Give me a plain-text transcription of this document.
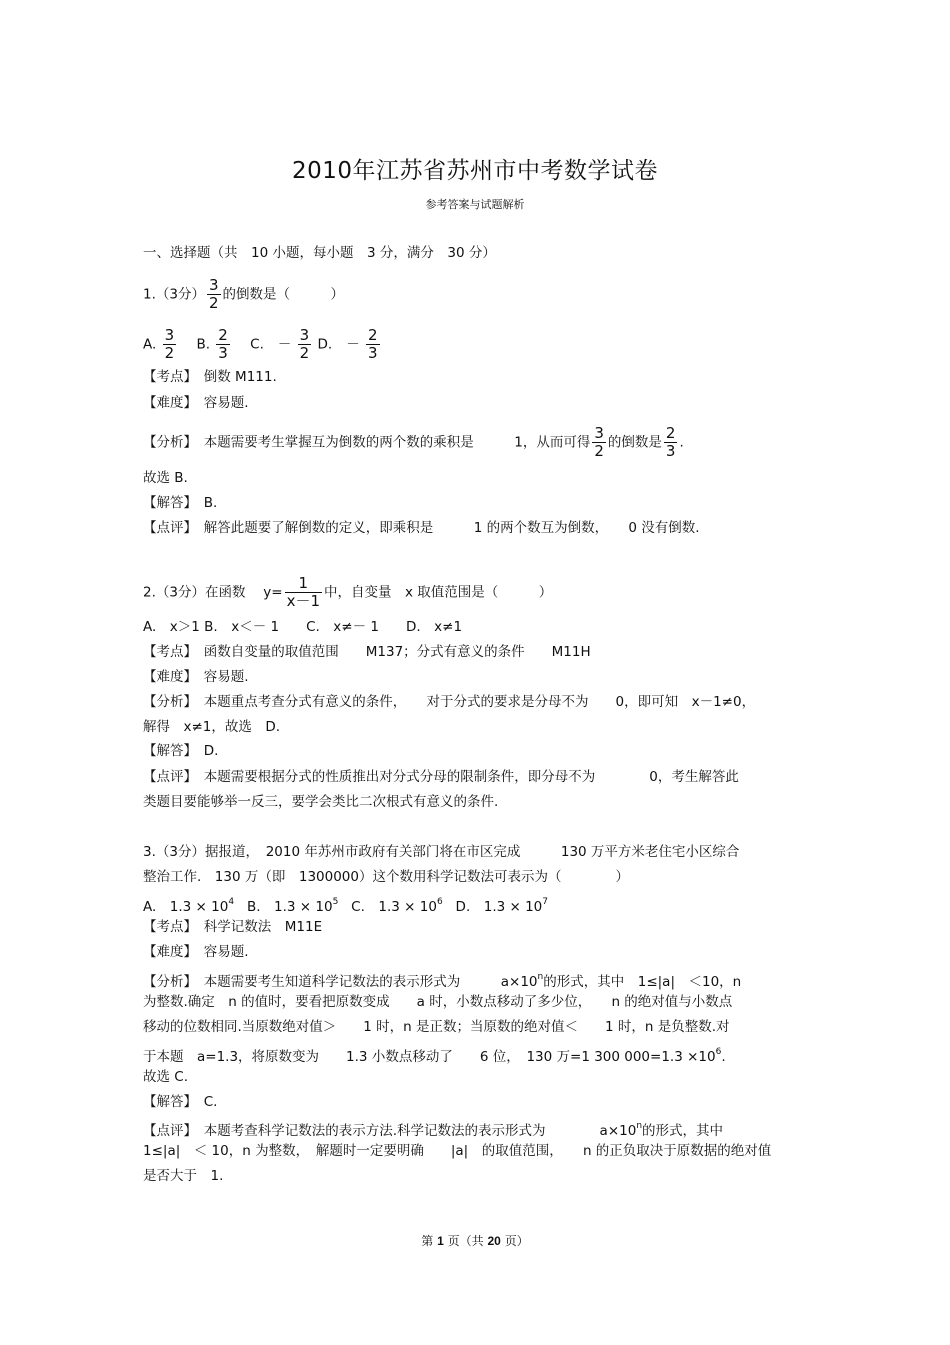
2010年江苏省苏州市中考数学试卷
参考答案与试题解析
一、选择题（共　10 小题，每小题　3 分，满分　30 分）
1.（3分） $\frac{3}{2}$ 的倒数是（　　　）
A. $\frac{3}{2} B$. $\frac{2}{3} C$. － $\frac{3}{2} D$. － $\frac{2}{3}$
【考点】　倒数 M111.
【难度】　容易题.
【分析】　本题需要考生掌握互为倒数的两个数的乘积是　　　1，从而可得 $\frac{3}{2}$ 的倒数是 $\frac{2}{3}$ .
故选 B.
【解答】　B.
【点评】　解答此题要了解倒数的定义，即乘积是　　　1 的两个数互为倒数，　　0 没有倒数.
2.（3分）在函数　 $y= \frac{1}{x-1}$ 中，自变量　x 取值范围是（　　　）
A.　x＞1 B.　x＜－ 1　　C.　x≠－ 1　　D.　x≠1
【考点】　函数自变量的取值范围　　M137；分式有意义的条件　　M11H
【难度】　容易题.
【分析】　本题重点考查分式有意义的条件，　　对于分式的要求是分母不为　　0，即可知　x－1≠0，
解得　x≠1，故选　D.
【解答】　D.
【点评】　本题需要根据分式的性质推出对分式分母的限制条件，即分母不为　　　　0，考生解答此
类题目要能够举一反三，要学会类比二次根式有意义的条件.
3.（3分）据报道，　2010 年苏州市政府有关部门将在市区完成　　　130 万平方米老住宅小区综合
整治工作.　130 万（即　1300000）这个数用科学记数法可表示为（　　　　）
A.　$1.3 \times 10^4$ B.　$1.3 \times 10^5$ C.　$1.3 \times 10^6$ D.　$1.3 \times 10^7$
【考点】　科学记数法　M11E
【难度】　容易题.
【分析】　本题需要考生知道科学记数法的表示形式为　　　$a\times 10^n$的形式，其中　1≤|a|　＜10，n
为整数.确定　n 的值时，要看把原数变成　　a 时，小数点移动了多少位，　　n 的绝对值与小数点
移动的位数相同.当原数绝对值＞　　1 时，n 是正数；当原数的绝对值＜　　1 时，n 是负整数.对
于本题　a=1.3，将原数变为　　1.3 小数点移动了　　6 位，　130 万=1 300 $000=1.3 \times 10^6$.
故选 C.
【解答】　C.
【点评】　本题考查科学记数法的表示方法.科学记数法的表示形式为　　　　$a\times 10^n$的形式，其中
1≤|a|　＜ 10，n 为整数，　解题时一定要明确　　|a|　的取值范围，　　n 的正负取决于原数据的绝对值
是否大于　1.
第 1 页（共 20 页）
